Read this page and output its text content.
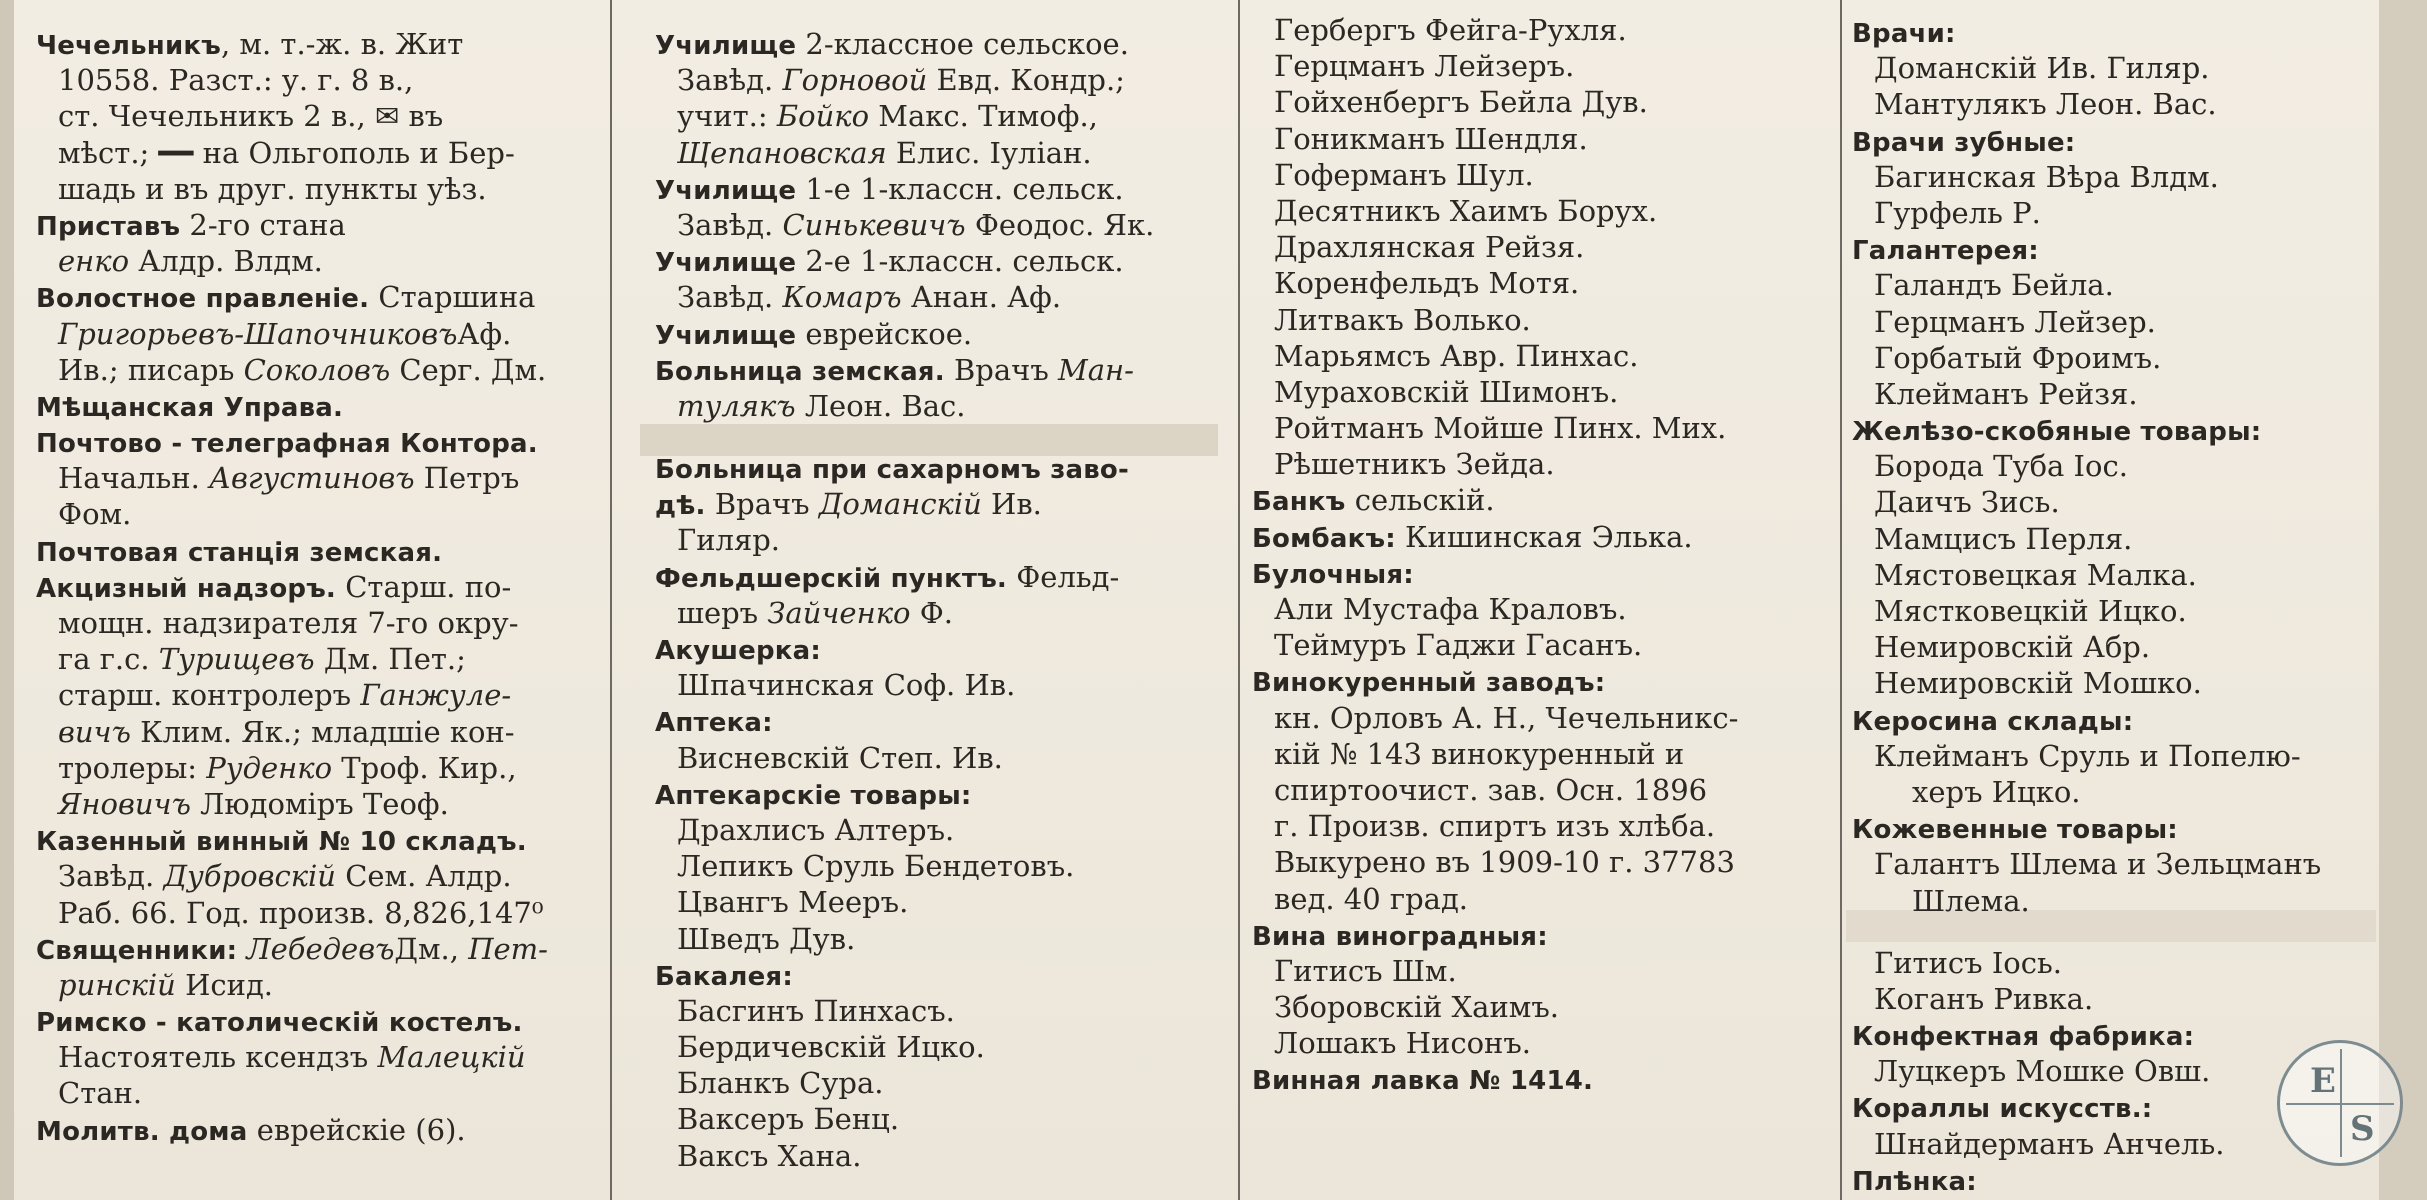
Чечельникъ, м. т.-ж. в. Жит
10558. Разст.: у. г. 8 в.,
ст. Чечельникъ 2 в., ✉ въ
мѣст.; ━━ на Ольгополь и Бер-
шадь и въ друг. пункты уѣз.
Приставъ 2-го стана
енко Алдр. Влдм.
Волостное правленіе. Старшина
Григорьевъ-ШапочниковъАф.
Ив.; писарь Соколовъ Серг. Дм.
Мѣщанская Управа.
Почтово - телеграфная Контора.
Начальн. Августиновъ Петръ
Фом.
Почтовая станція земская.
Акцизный надзоръ. Старш. по-
мощн. надзирателя 7-го окру-
га г.с. Турищевъ Дм. Пет.;
старш. контролеръ Ганжуле-
вичъ Клим. Як.; младшіе кон-
тролеры: Руденко Троф. Кир.,
Яновичъ Людоміръ Теоф.
Казенный винный № 10 складъ.
Завѣд. Дубровскій Сем. Алдр.
Раб. 66. Год. произв. 8,826,147⁰
Священники: ЛебедевъДм., Пет-
ринскій Исид.
Римско - католическій костелъ.
Настоятель ксендзъ Малецкій
Стан.
Молитв. дома еврейскіе (6).
Училище 2-классное сельское.
Завѣд. Горновой Евд. Кондр.;
учит.: Бойко Макс. Тимоф.,
Щепановская Елис. Іуліан.
Училище 1-е 1-классн. сельск.
Завѣд. Синькевичъ Феодос. Як.
Училище 2-е 1-классн. сельск.
Завѣд. Комаръ Анан. Аф.
Училище еврейское.
Больница земская. Врачъ Ман-
тулякъ Леон. Вас.
Больница при сахарномъ заво-
дѣ. Врачъ Доманскій Ив.
Гиляр.
Фельдшерскій пунктъ. Фельд-
шеръ Зайченко Ф.
Акушерка:
Шпачинская Соф. Ив.
Аптека:
Висневскій Степ. Ив.
Аптекарскіе товары:
Драхлисъ Алтеръ.
Лепикъ Сруль Бендетовъ.
Цвангъ Мееръ.
Шведъ Дув.
Бакалея:
Басгинъ Пинхасъ.
Бердичевскій Ицко.
Бланкъ Сура.
Ваксеръ Бенц.
Ваксъ Хана.
Гербергъ Фейга-Рухля.
Герцманъ Лейзеръ.
Гойхенбергъ Бейла Дув.
Гоникманъ Шендля.
Гоферманъ Шул.
Десятникъ Хаимъ Борух.
Драхлянская Рейзя.
Коренфельдъ Мотя.
Литвакъ Волько.
Марьямсъ Авр. Пинхас.
Мураховскій Шимонъ.
Ройтманъ Мойше Пинх. Мих.
Рѣшетникъ Зейда.
Банкъ сельскій.
Бомбакъ: Кишинская Элька.
Булочныя:
Али Мустафа Краловъ.
Теймуръ Гаджи Гасанъ.
Винокуренный заводъ:
кн. Орловъ А. Н., Чечельникс-
кій № 143 винокуренный и
спиртоочист. зав. Осн. 1896
г. Произв. спиртъ изъ хлѣба.
Выкурено въ 1909-10 г. 37783
вед. 40 град.
Вина виноградныя:
Гитисъ Шм.
Зборовскій Хаимъ.
Лошакъ Нисонъ.
Винная лавка № 1414.
Врачи:
Доманскій Ив. Гиляр.
Мантулякъ Леон. Вас.
Врачи зубные:
Багинская Вѣра Влдм.
Гурфель Р.
Галантерея:
Галандъ Бейла.
Герцманъ Лейзер.
Горбатый Фроимъ.
Клейманъ Рейзя.
Желѣзо-скобяные товары:
Борода Туба Іос.
Даичъ Зись.
Мамцисъ Перля.
Мястовецкая Малка.
Мястковецкій Ицко.
Немировскій Абр.
Немировскій Мошко.
Керосина склады:
Клейманъ Сруль и Попелю-
херъ Ицко.
Кожевенные товары:
Галантъ Шлема и Зельцманъ
Шлема.
Гитисъ Іось.
Коганъ Ривка.
Конфектная фабрика:
Луцкеръ Мошке Овш.
Кораллы искусств.:
Шнайдерманъ Анчель.
Плѣнка:
E
S
